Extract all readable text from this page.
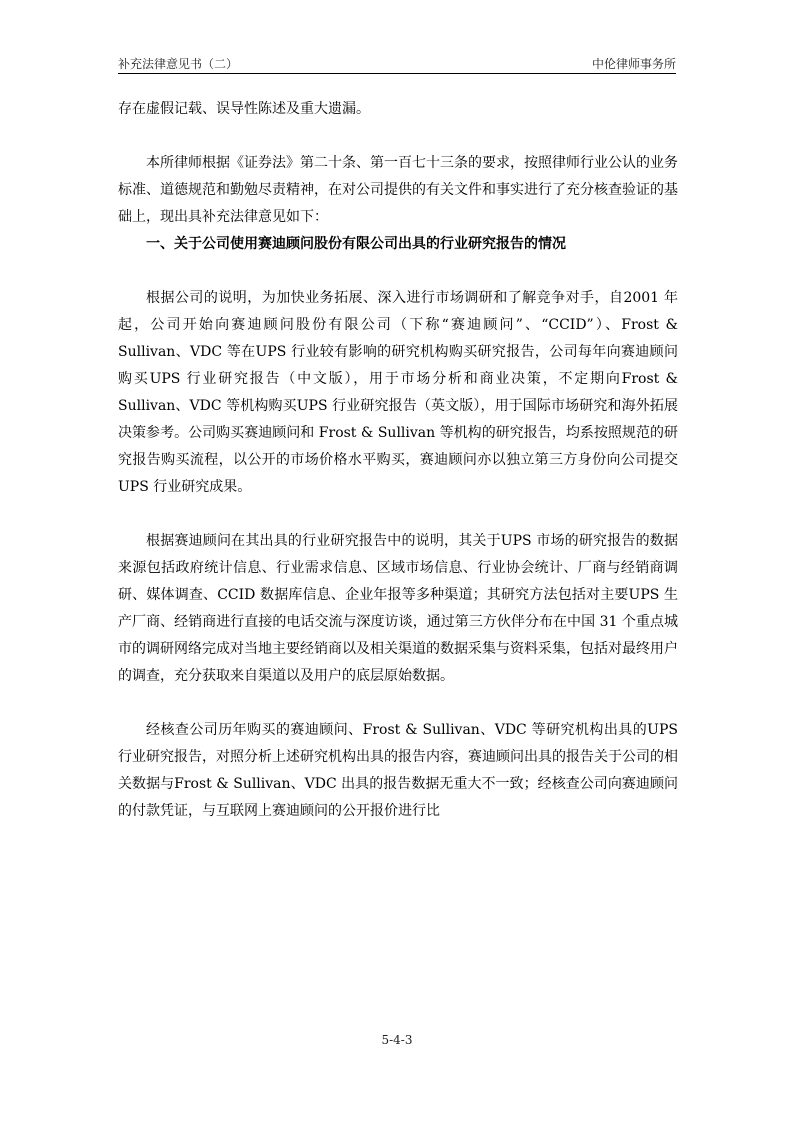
补充法律意见书（二）	中伦律师事务所

存在虚假记载、误导性陈述及重大遗漏。

本所律师根据《证券法》第二十条、第一百七十三条的要求，按照律师行业公认的业务标准、道德规范和勤勉尽责精神，在对公司提供的有关文件和事实进行了充分核查验证的基础上，现出具补充法律意见如下：

一、关于公司使用赛迪顾问股份有限公司出具的行业研究报告的情况

根据公司的说明，为加快业务拓展、深入进行市场调研和了解竞争对手，自2001 年起，公司开始向赛迪顾问股份有限公司（下称“赛迪顾问”、“CCID”）、Frost & Sullivan、VDC 等在UPS 行业较有影响的研究机构购买研究报告，公司每年向赛迪顾问购买UPS 行业研究报告（中文版），用于市场分析和商业决策，不定期向Frost & Sullivan、VDC 等机构购买UPS 行业研究报告（英文版），用于国际市场研究和海外拓展决策参考。公司购买赛迪顾问和 Frost & Sullivan 等机构的研究报告，均系按照规范的研究报告购买流程，以公开的市场价格水平购买，赛迪顾问亦以独立第三方身份向公司提交UPS 行业研究成果。

根据赛迪顾问在其出具的行业研究报告中的说明，其关于UPS 市场的研究报告的数据来源包括政府统计信息、行业需求信息、区域市场信息、行业协会统计、厂商与经销商调研、媒体调查、CCID 数据库信息、企业年报等多种渠道；其研究方法包括对主要UPS 生产厂商、经销商进行直接的电话交流与深度访谈，通过第三方伙伴分布在中国 31 个重点城市的调研网络完成对当地主要经销商以及相关渠道的数据采集与资料采集，包括对最终用户的调查，充分获取来自渠道以及用户的底层原始数据。

经核查公司历年购买的赛迪顾问、Frost & Sullivan、VDC 等研究机构出具的UPS 行业研究报告，对照分析上述研究机构出具的报告内容，赛迪顾问出具的报告关于公司的相关数据与Frost & Sullivan、VDC 出具的报告数据无重大不一致；经核查公司向赛迪顾问的付款凭证，与互联网上赛迪顾问的公开报价进行比

5-4-3
